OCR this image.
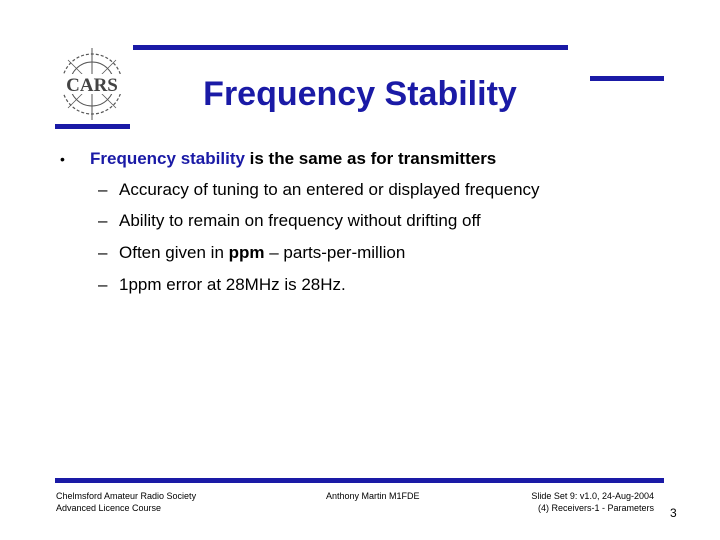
CARS	Frequency Stability
• Frequency stability is the same as for transmitters
– Accuracy of tuning to an entered or displayed frequency
– Ability to remain on frequency without drifting off
– Often given in ppm – parts-per-million
– 1ppm error at 28MHz is 28Hz.
Chelmsford Amateur Radio Society
Advanced Licence Course
Anthony Martin M1FDE	Slide Set 9: v1.0, 24-Aug-2004
(4) Receivers-1 - Parameters 3
